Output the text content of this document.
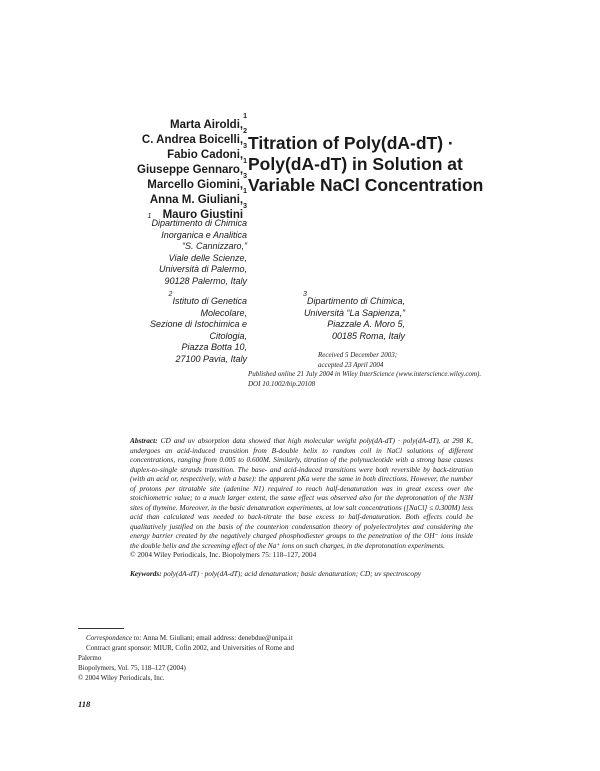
Marta Airoldi,$^1$
C. Andrea Boicelli,$^2$
Fabio Cadoni,$^3$
Giuseppe Gennaro,$^1$
Marcello Giomini,$^3$
Anna M. Giuliani,$^1$
Mauro Giustini$^3$
$^1$Dipartimento di Chimica
Inorganica e Analitica
“S. Cannizzaro,”
Viale delle Scienze,
Università di Palermo,
90128 Palermo, Italy
$^2$Istituto di Genetica
Molecolare,
Sezione di Istochimica e
Citologia,
Piazza Botta 10,
27100 Pavia, Italy
$^3$Dipartimento di Chimica,
Università “La Sapienza,”
Piazzale A. Moro 5,
00185 Roma, Italy
Titration of Poly(dA-dT) ·
Poly(dA-dT) in Solution at
Variable NaCl Concentration
Received 5 December 2003;
accepted 23 April 2004
Published online 21 July 2004 in Wiley InterScience (www.interscience.wiley.com).
DOI 10.1002/bip.20108
Abstract: CD and uv absorption data showed that high molecular weight poly(dA-dT) · poly(dA-dT), at 298 K, undergoes an acid-induced transition from B-double helix to random coil in NaCl solutions of different concentrations, ranging from 0.005 to 0.600M. Similarly, titration of the polynucleotide with a strong base causes duplex-to-single strands transition. The base- and acid-induced transitions were both reversible by back-titration (with an acid or, respectively, with a base): the apparent pKa were the same in both directions. However, the number of protons per titratable site (adenine N1) required to reach half-denaturation was in great excess over the stoichiometric value; to a much larger extent, the same effect was observed also for the deprotonation of the N3H sites of thymine. Moreover, in the basic denaturation experiments, at low salt concentrations ([NaCl] ≤ 0.300M) less acid than calculated was needed to back-titrate the base excess to half-denaturation. Both effects could be qualitatively justified on the basis of the counterion condensation theory of polyelectrolytes and considering the energy barrier created by the negatively charged phosphodiester groups to the penetration of the OH⁻ ions inside the double helix and the screening effect of the Na⁺ ions on such charges, in the deprotonation experiments.
© 2004 Wiley Periodicals, Inc. Biopolymers 75: 118–127, 2004
Keywords: poly(dA-dT) · poly(dA-dT); acid denaturation; basic denaturation; CD; uv spectroscopy
Correspondence to: Anna M. Giuliani; email address: denebdue@unipa.it
Contract grant sponsor: MIUR, Cofin 2002, and Universities of Rome and Palermo
Biopolymers, Vol. 75, 118–127 (2004)
© 2004 Wiley Periodicals, Inc.
118
